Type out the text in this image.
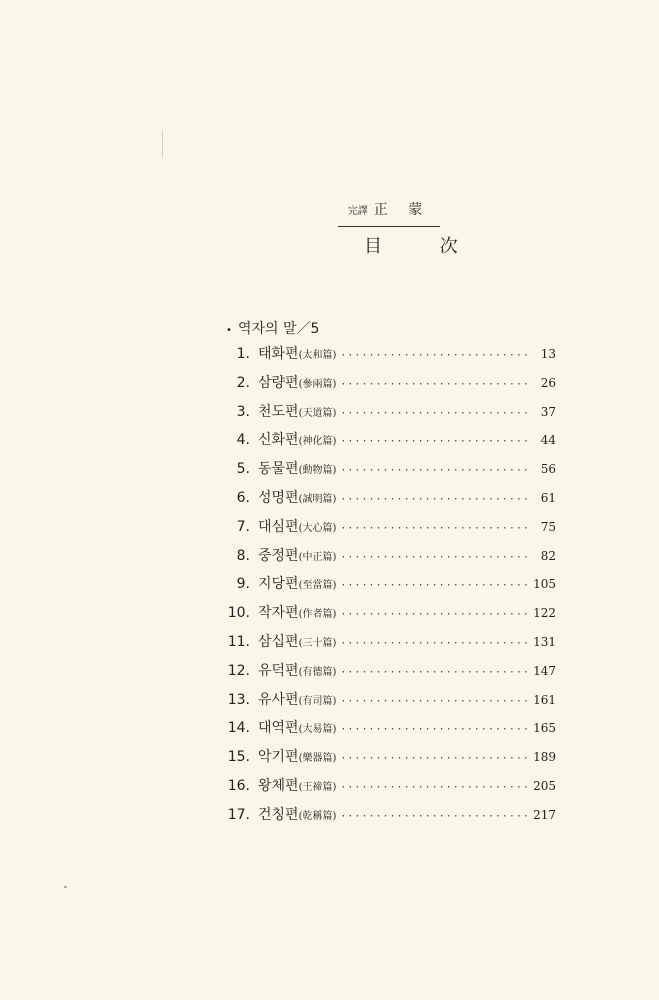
完譯 正 蒙
目 次
• 역자의 말／5
1. 태화편 (太和篇) ·····	13
2. 삼량편 (參兩篇) ·····	26
3. 천도편 (天道篇) ·····	37
4. 신화편 (神化篇) ·····	44
5. 동물편 (動物篇) ·····	56
6. 성명편 (誠明篇) ·····	61
7. 대심편 (大心篇) ·····	75
8. 중정편 (中正篇) ·····	82
9. 지당편 (至當篇) ·····	105
10. 작자편 (作者篇) ·····	122
11. 삼십편 (三十篇) ·····	131
12. 유덕편 (有德篇) ·····	147
13. 유사편 (有司篇) ·····	161
14. 대역편 (大易篇) ·····	165
15. 악기편 (樂器篇) ·····	189
16. 왕체편 (王禘篇) ·····	205
17. 건칭편 (乾稱篇) ·····	217
